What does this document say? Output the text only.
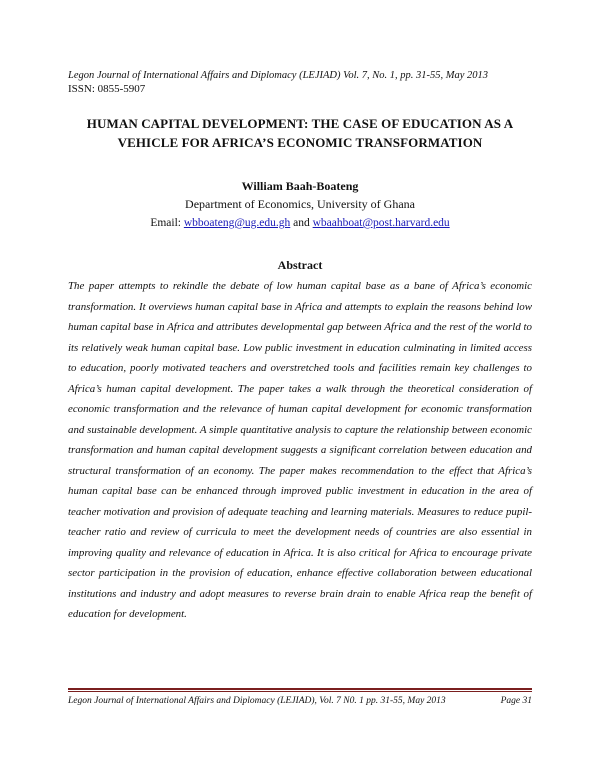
Legon Journal of International Affairs and Diplomacy (LEJIAD) Vol. 7, No. 1, pp. 31-55, May 2013
ISSN: 0855-5907
HUMAN CAPITAL DEVELOPMENT: THE CASE OF EDUCATION AS A
VEHICLE FOR AFRICA’S ECONOMIC TRANSFORMATION
William Baah-Boateng
Department of Economics, University of Ghana
Email: wbboateng@ug.edu.gh and wbaahboat@post.harvard.edu
Abstract

The paper attempts to rekindle the debate of low human capital base as a bane of Africa’s economic transformation. It overviews human capital base in Africa and attempts to explain the reasons behind low human capital base in Africa and attributes developmental gap between Africa and the rest of the world to its relatively weak human capital base. Low public investment in education culminating in limited access to education, poorly motivated teachers and overstretched tools and facilities remain key challenges to Africa’s human capital development. The paper takes a walk through the theoretical consideration of economic transformation and the relevance of human capital development for economic transformation and sustainable development. A simple quantitative analysis to capture the relationship between economic transformation and human capital development suggests a significant correlation between education and structural transformation of an economy. The paper makes recommendation to the effect that Africa’s human capital base can be enhanced through improved public investment in education in the area of teacher motivation and provision of adequate teaching and learning materials. Measures to reduce pupil-teacher ratio and review of curricula to meet the development needs of countries are also essential in improving quality and relevance of education in Africa. It is also critical for Africa to encourage private sector participation in the provision of education, enhance effective collaboration between educational institutions and industry and adopt measures to reverse brain drain to enable Africa reap the benefit of education for development.

Legon Journal of International Affairs and Diplomacy (LEJIAD), Vol. 7 N0. 1 pp. 31-55, May 2013	Page 31
